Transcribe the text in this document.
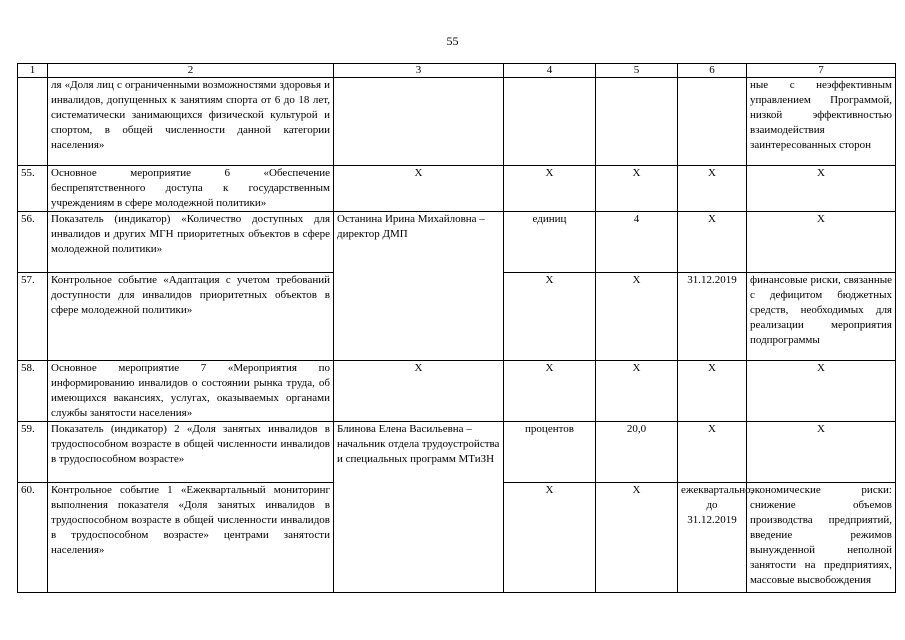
55
1	2	3	4	5	6	7
	ля «Доля лиц с ограниченными возможностями здоровья и инвалидов, допущенных к занятиям спорта от 6 до 18 лет, систематически занимающихся физической культурой и спортом, в общей численности данной категории населения»					ные с неэффективным управлением Программой, низкой эффективностью взаимодействия заинтересованных сторон
55.	Основное мероприятие 6 «Обеспечение беспрепятственного доступа к государственным учреждениям в сфере молодежной политики»	Х	Х	Х	Х	Х
56.	Показатель (индикатор) «Количество доступных для инвалидов и других МГН приоритетных объектов в сфере молодежной политики»	Останина Ирина Михайловна – директор ДМП	единиц	4	Х	Х
57.	Контрольное событие «Адаптация с учетом требований доступности для инвалидов приоритетных объектов в сфере молодежной политики»		Х	Х	31.12.2019	финансовые риски, связанные с дефицитом бюджетных средств, необходимых для реализации мероприятия подпрограммы
58.	Основное мероприятие 7 «Мероприятия по информированию инвалидов о состоянии рынка труда, об имеющихся вакансиях, услугах, оказываемых органами службы занятости населения»	Х	Х	Х	Х	Х
59.	Показатель (индикатор) 2 «Доля занятых инвалидов в трудоспособном возрасте в общей численности инвалидов в трудоспособном возрасте»	Блинова Елена Васильевна – начальник отдела трудоустройства и специальных программ МТиЗН	процентов	20,0	Х	Х
60.	Контрольное событие 1 «Ежеквартальный мониторинг выполнения показателя «Доля занятых инвалидов в трудоспособном возрасте в общей численности инвалидов в трудоспособном возрасте» центрами занятости населения»		Х	Х	ежеквартально, до 31.12.2019	экономические риски: снижение объемов производства предприятий, введение режимов вынужденной неполной занятости на предприятиях, массовые высвобождения
